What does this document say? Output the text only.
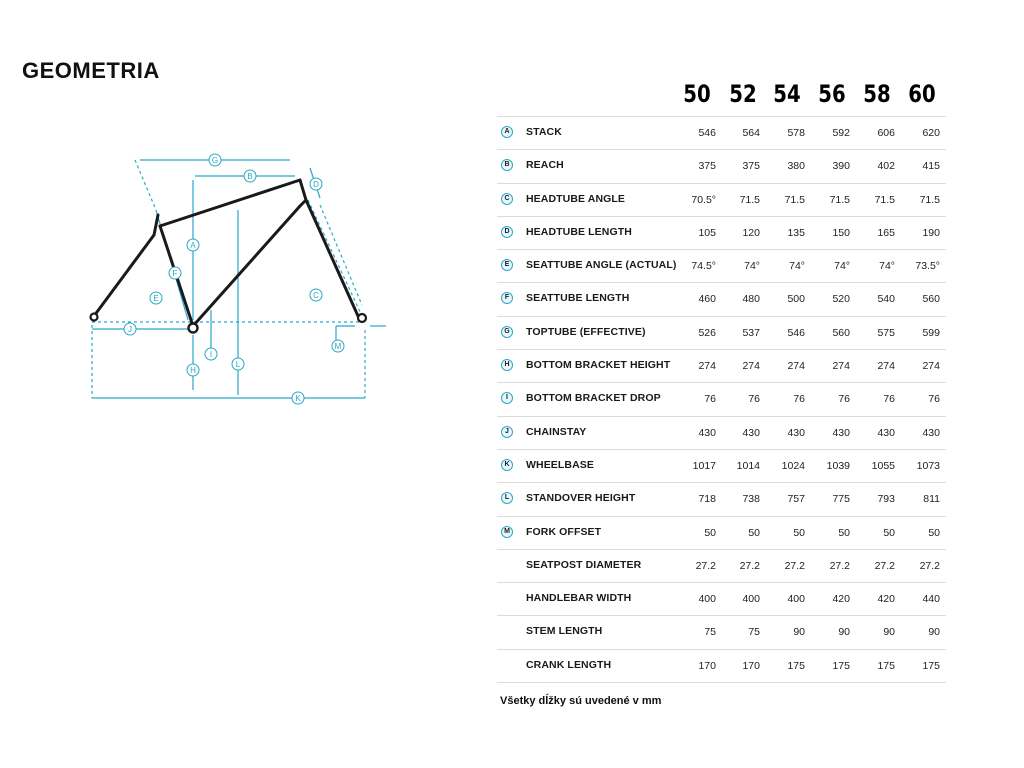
GEOMETRIA
G
B
A
D
F
E	C
J
I
H
L
M
K
50 52 54 56 58 60
A	STACK	546	564	578	592	606	620
B	REACH	375	375	380	390	402	415
C	HEADTUBE ANGLE	70.5°	71.5	71.5	71.5	71.5	71.5
D	HEADTUBE LENGTH	105	120	135	150	165	190
E	SEATTUBE ANGLE (ACTUAL)	74.5°	74°	74°	74°	74°	73.5°
F	SEATTUBE LENGTH	460	480	500	520	540	560
G	TOPTUBE (EFFECTIVE)	526	537	546	560	575	599
H	BOTTOM BRACKET HEIGHT	274	274	274	274	274	274
I	BOTTOM BRACKET DROP	76	76	76	76	76	76
J	CHAINSTAY	430	430	430	430	430	430
K	WHEELBASE	1017	1014	1024	1039	1055	1073
L	STANDOVER HEIGHT	718	738	757	775	793	811
M FORK OFFSET	50	50	50	50	50	50
SEATPOST DIAMETER	27.2	27.2	27.2	27.2	27.2	27.2
HANDLEBAR WIDTH	400	400	400	420	420	440
STEM LENGTH	75	75	90	90	90	90
CRANK LENGTH	170	170	175	175	175	175
Všetky dĺžky sú uvedené v mm
